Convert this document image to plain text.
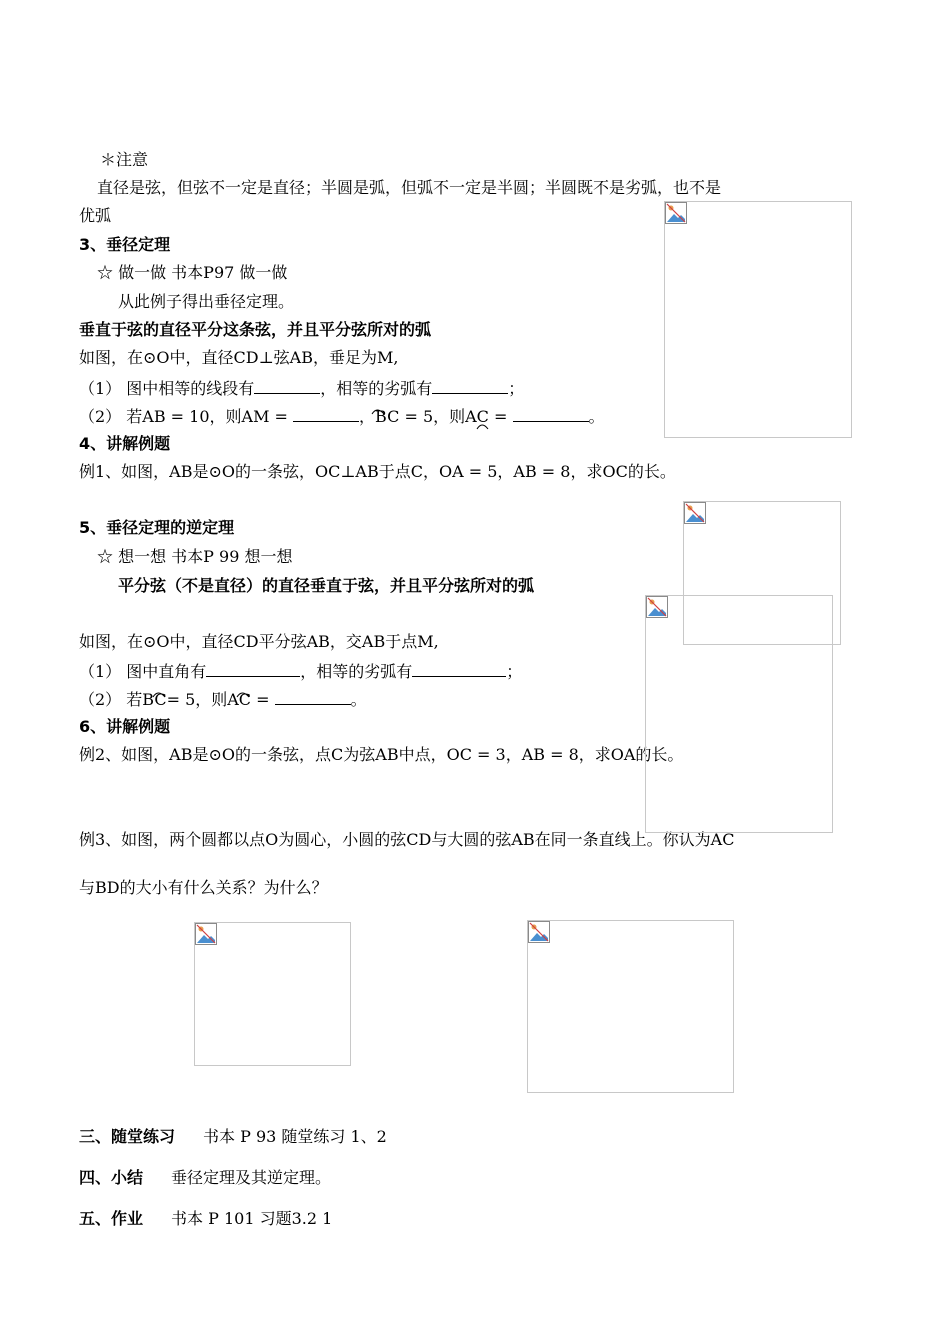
＊注意
直径是弦，但弦不一定是直径；半圆是弧，但弧不一定是半圆；半圆既不是劣弧，也不是
优弧
3、垂径定理
☆ 做一做 书本P97 做一做
从此例子得出垂径定理。
垂直于弦的直径平分这条弦，并且平分弦所对的弧
如图，在⊙O中，直径CD⊥弦AB，垂足为M,
（1） 图中相等的线段有	，相等的劣弧有	；
（2） 若AB = 10，则AM =	，BC
= 5，则AC
=	。
4、讲解例题
例1、如图，AB是⊙O的一条弦，OC⊥AB于点C，OA = 5，AB = 8，求OC的长。
5、垂径定理的逆定理
☆ 想一想 书本P 99 想一想
平分弦（不是直径）的直径垂直于弦，并且平分弦所对的弧
如图，在⊙O中，直径CD平分弦AB，交AB于点M,
（1） 图中直角有	，相等的劣弧有	；
（2） 若BC
= 5，则AC
=	。
6、讲解例题
例2、如图，AB是⊙O的一条弦，点C为弦AB中点，OC = 3，AB = 8，求OA的长。
例3、如图，两个圆都以点O为圆心，小圆的弦CD与大圆的弦AB在同一条直线上。你认为AC
与BD的大小有什么关系？为什么？
三、随堂练习 书本 P 93 随堂练习 1、2
四、小结 垂径定理及其逆定理。
五、作业 书本 P 101 习题3.2 1
